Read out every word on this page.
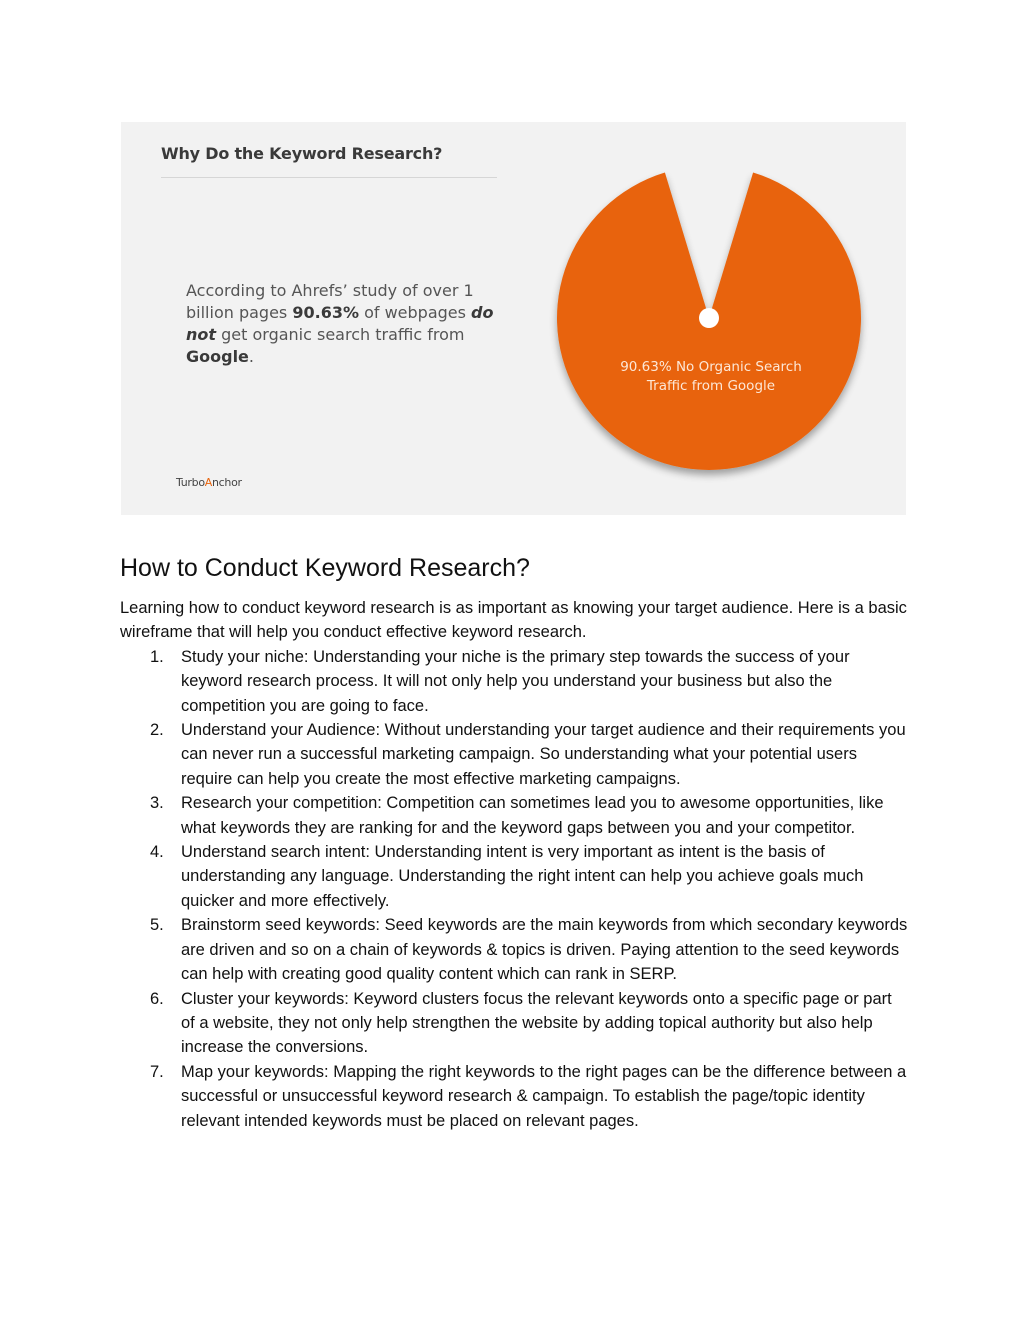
Why Do the Keyword Research?
According to Ahrefs’ study of over 1 billion pages 90.63% of webpages do not get organic search traffic from Google.
TurboAnchor
90.63% No Organic Search
Traffic from Google
How to Conduct Keyword Research?

Learning how to conduct keyword research is as important as knowing your target audience. Here is a basic wireframe that will help you conduct effective keyword research.

1. Study your niche: Understanding your niche is the primary step towards the success of your keyword research process. It will not only help you understand your business but also the competition you are going to face.
2. Understand your Audience: Without understanding your target audience and their requirements you can never run a successful marketing campaign. So understanding what your potential users require can help you create the most effective marketing campaigns.
3. Research your competition: Competition can sometimes lead you to awesome opportunities, like what keywords they are ranking for and the keyword gaps between you and your competitor.
4. Understand search intent: Understanding intent is very important as intent is the basis of understanding any language. Understanding the right intent can help you achieve goals much quicker and more effectively.
5. Brainstorm seed keywords: Seed keywords are the main keywords from which secondary keywords are driven and so on a chain of keywords & topics is driven. Paying attention to the seed keywords can help with creating good quality content which can rank in SERP.
6. Cluster your keywords: Keyword clusters focus the relevant keywords onto a specific page or part of a website, they not only help strengthen the website by adding topical authority but also help increase the conversions.
7. Map your keywords: Mapping the right keywords to the right pages can be the difference between a successful or unsuccessful keyword research & campaign. To establish the page/topic identity relevant intended keywords must be placed on relevant pages.
